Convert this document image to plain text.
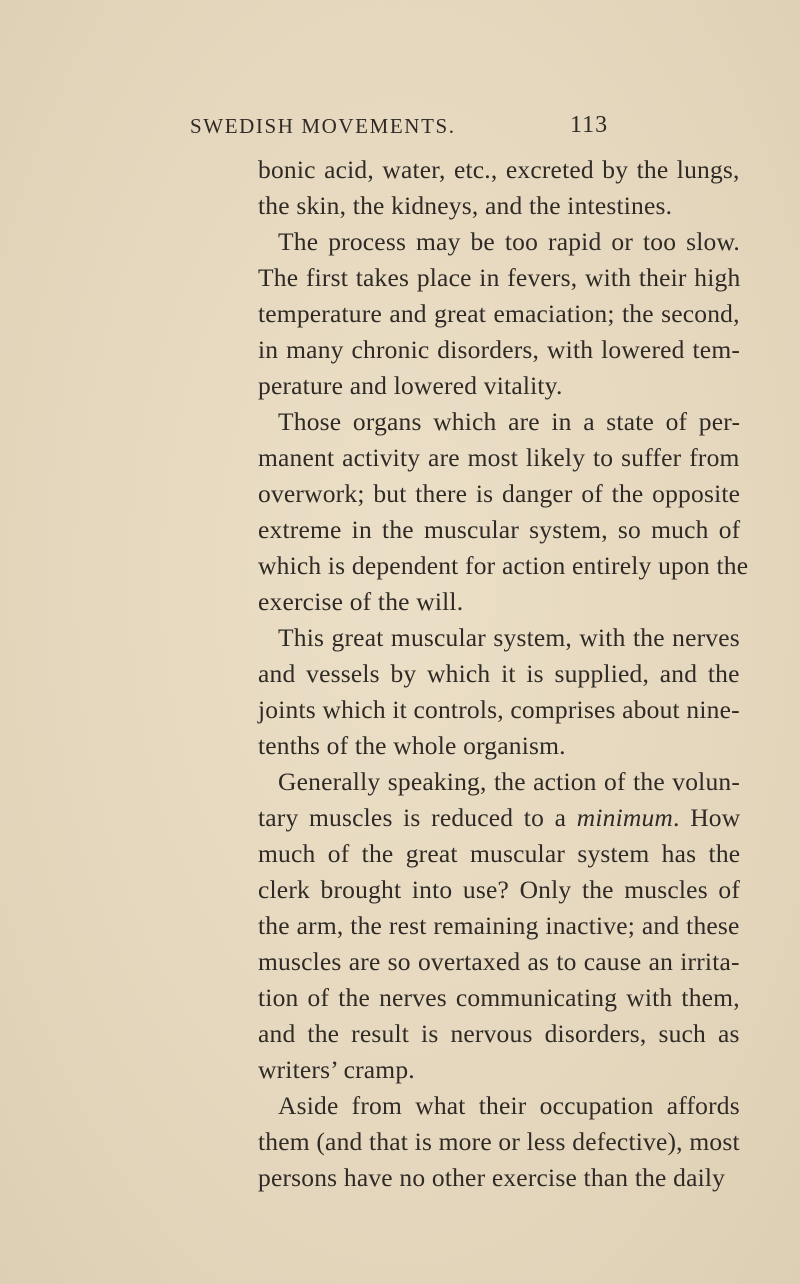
SWEDISH MOVEMENTS.	113
bonic acid, water, etc., excreted by the lungs,
the skin, the kidneys, and the intestines.
The process may be too rapid or too slow.
The first takes place in fevers, with their high
temperature and great emaciation; the second,
in many chronic disorders, with lowered tem-
perature and lowered vitality.
Those organs which are in a state of per-
manent activity are most likely to suffer from
overwork; but there is danger of the opposite
extreme in the muscular system, so much of
which is dependent for action entirely upon the
exercise of the will.
This great muscular system, with the nerves
and vessels by which it is supplied, and the
joints which it controls, comprises about nine-
tenths of the whole organism.
Generally speaking, the action of the volun-
tary muscles is reduced to a minimum. How
much of the great muscular system has the
clerk brought into use? Only the muscles of
the arm, the rest remaining inactive; and these
muscles are so overtaxed as to cause an irrita-
tion of the nerves communicating with them,
and the result is nervous disorders, such as
writers’ cramp.
Aside from what their occupation affords
them (and that is more or less defective), most
persons have no other exercise than the daily
